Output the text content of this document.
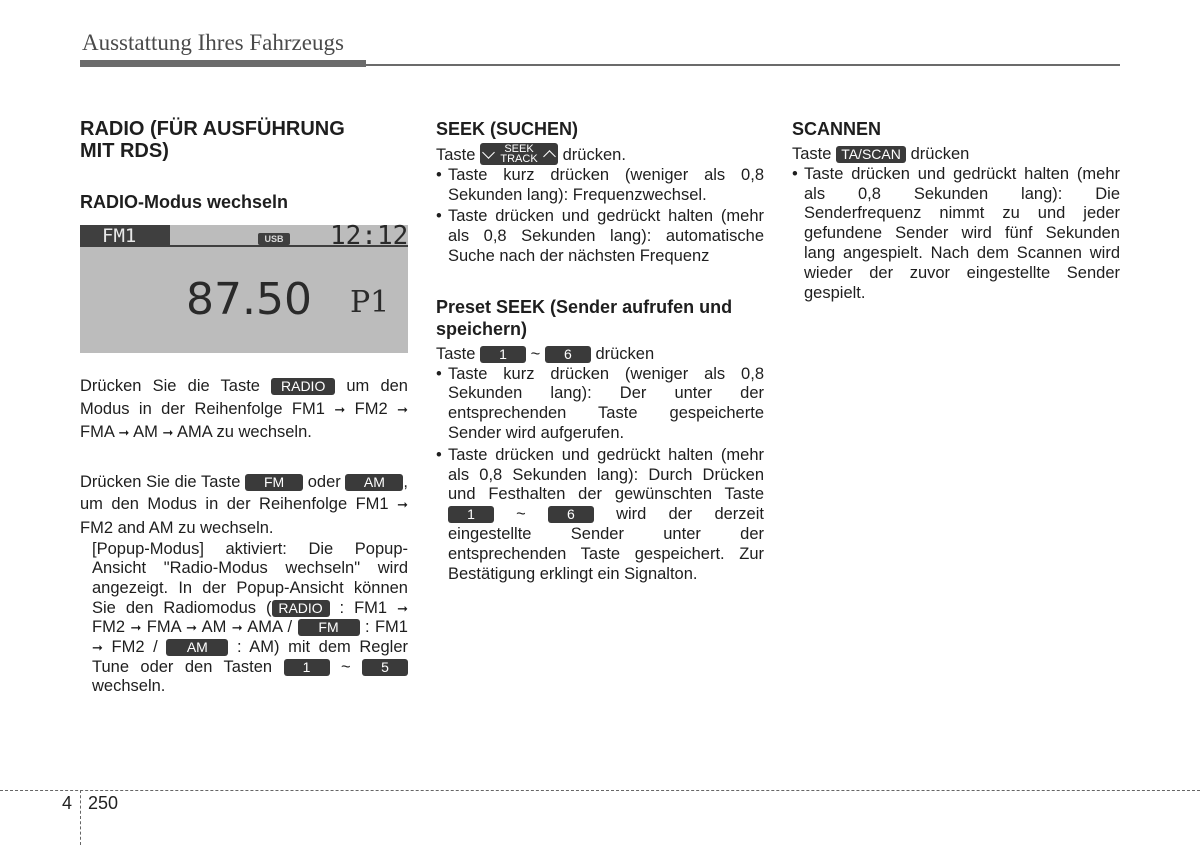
Ausstattung Ihres Fahrzeugs
RADIO (FÜR AUSFÜHRUNG MIT RDS)
RADIO-Modus wechseln
FM1	USB 12:12
87.50 P1

Drücken Sie die Taste RADIO um den Modus in der Reihenfolge FM1 ➞ FM2 ➞ FMA ➞ AM ➞ AMA zu wechseln.

Drücken Sie die Taste FM oder AM , um den Modus in der Reihenfolge FM1 ➞ FM2 and AM zu wechseln.

[Popup-Modus] aktiviert: Die Popup-Ansicht "Radio-Modus wechseln" wird angezeigt. In der Popup-Ansicht können Sie den Radiomodus ( RADIO : FM1 ➞ FM2 ➞ FMA ➞ AM ➞ AMA / FM : FM1 ➞ FM2 / AM : AM) mit dem Regler Tune oder den Tasten 1 ~ 5 wechseln.

SEEK (SUCHEN)

Taste	SEEK
TRACK	drücken.

• Taste kurz drücken (weniger als 0,8 Sekunden lang): Frequenzwechsel.

• Taste drücken und gedrückt halten (mehr als 0,8 Sekunden lang): automatische Suche nach der nächsten Frequenz

Preset SEEK (Sender aufrufen und speichern)

Taste 1 ~ 6 drücken

• Taste kurz drücken (weniger als 0,8 Sekunden lang): Der unter der entsprechenden Taste gespeicherte Sender wird aufgerufen.

• Taste drücken und gedrückt halten (mehr als 0,8 Sekunden lang): Durch Drücken und Festhalten der gewünschten Taste 1	~	6	wird der derzeit eingestellte Sender unter der entsprechenden Taste gespeichert. Zur Bestätigung erklingt ein Signalton.

SCANNEN

Taste TA/SCAN drücken

• Taste drücken und gedrückt halten (mehr als 0,8 Sekunden lang): Die Senderfrequenz nimmt zu und jeder gefundene Sender wird fünf Sekunden lang angespielt. Nach dem Scannen wird wieder der zuvor eingestellte Sender gespielt.

4 250
